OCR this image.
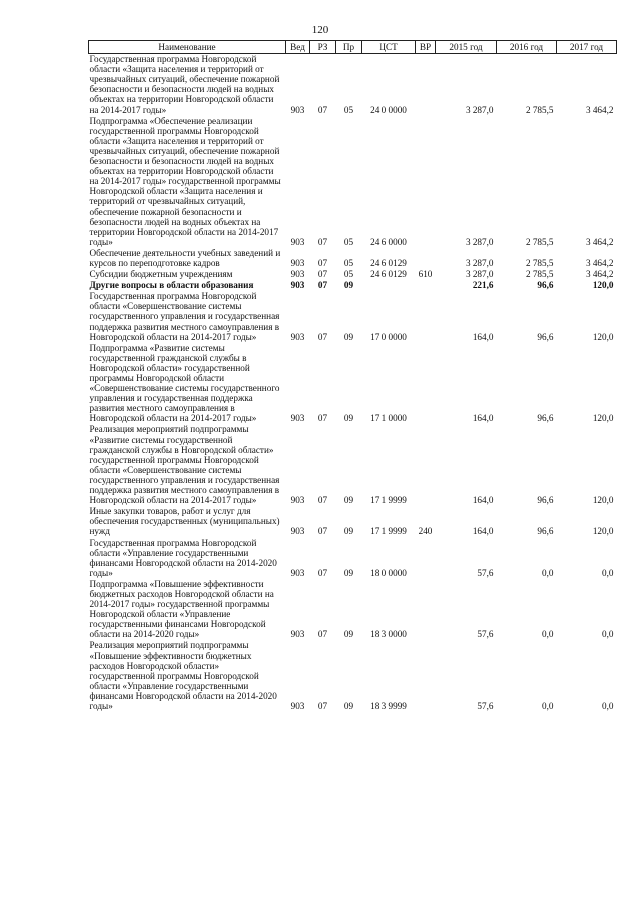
120
Наименование	Вед	РЗ	Пр	ЦСТ	ВР	2015 год	2016 год	2017 год
Государственная программа Новгородской области «Защита населения и территорий от чрезвычайных ситуаций, обеспечение пожарной безопасности и безопасности людей на водных объектах на территории Новгородской области на 2014-2017 годы»	903	07	05	24 0 0000		3 287,0	2 785,5	3 464,2
Подпрограмма «Обеспечение реализации государственной программы Новгородской области «Защита населения и территорий от чрезвычайных ситуаций, обеспечение пожарной безопасности и безопасности людей на водных объектах на территории Новгородской области на 2014-2017 годы» государственной программы Новгородской области «Защита населения и территорий от чрезвычайных ситуаций, обеспечение пожарной безопасности и безопасности людей на водных объектах на территории Новгородской области на 2014-2017 годы»	903	07	05	24 6 0000		3 287,0	2 785,5	3 464,2
Обеспечение деятельности учебных заведений и курсов по переподготовке кадров	903	07	05	24 6 0129		3 287,0	2 785,5	3 464,2
Субсидии бюджетным учреждениям	903	07	05	24 6 0129	610	3 287,0	2 785,5	3 464,2
Другие вопросы в области образования	903	07	09			221,6	96,6	120,0
Государственная программа Новгородской области «Совершенствование системы государственного управления и государственная поддержка развития местного самоуправления в Новгородской области на 2014-2017 годы»	903	07	09	17 0 0000		164,0	96,6	120,0
Подпрограмма «Развитие системы государственной гражданской службы в Новгородской области» государственной программы Новгородской области «Совершенствование системы государственного управления и государственная поддержка развития местного самоуправления в Новгородской области на 2014-2017 годы»	903	07	09	17 1 0000		164,0	96,6	120,0
Реализация мероприятий подпрограммы «Развитие системы государственной гражданской службы в Новгородской области» государственной программы Новгородской области «Совершенствование системы государственного управления и государственная поддержка развития местного самоуправления в Новгородской области на 2014-2017 годы»	903	07	09	17 1 9999		164,0	96,6	120,0
Иные закупки товаров, работ и услуг для обеспечения государственных (муниципальных) нужд	903	07	09	17 1 9999	240	164,0	96,6	120,0
Государственная программа Новгородской области «Управление государственными финансами Новгородской области на 2014-2020 годы»	903	07	09	18 0 0000		57,6	0,0	0,0
Подпрограмма «Повышение эффективности бюджетных расходов Новгородской области на 2014-2017 годы» государственной программы Новгородской области «Управление государственными финансами Новгородской области на 2014-2020 годы»	903	07	09	18 3 0000		57,6	0,0	0,0
Реализация мероприятий подпрограммы «Повышение эффективности бюджетных расходов Новгородской области» государственной программы Новгородской области «Управление государственными финансами Новгородской области на 2014-2020 годы»	903	07	09	18 3 9999		57,6	0,0	0,0
